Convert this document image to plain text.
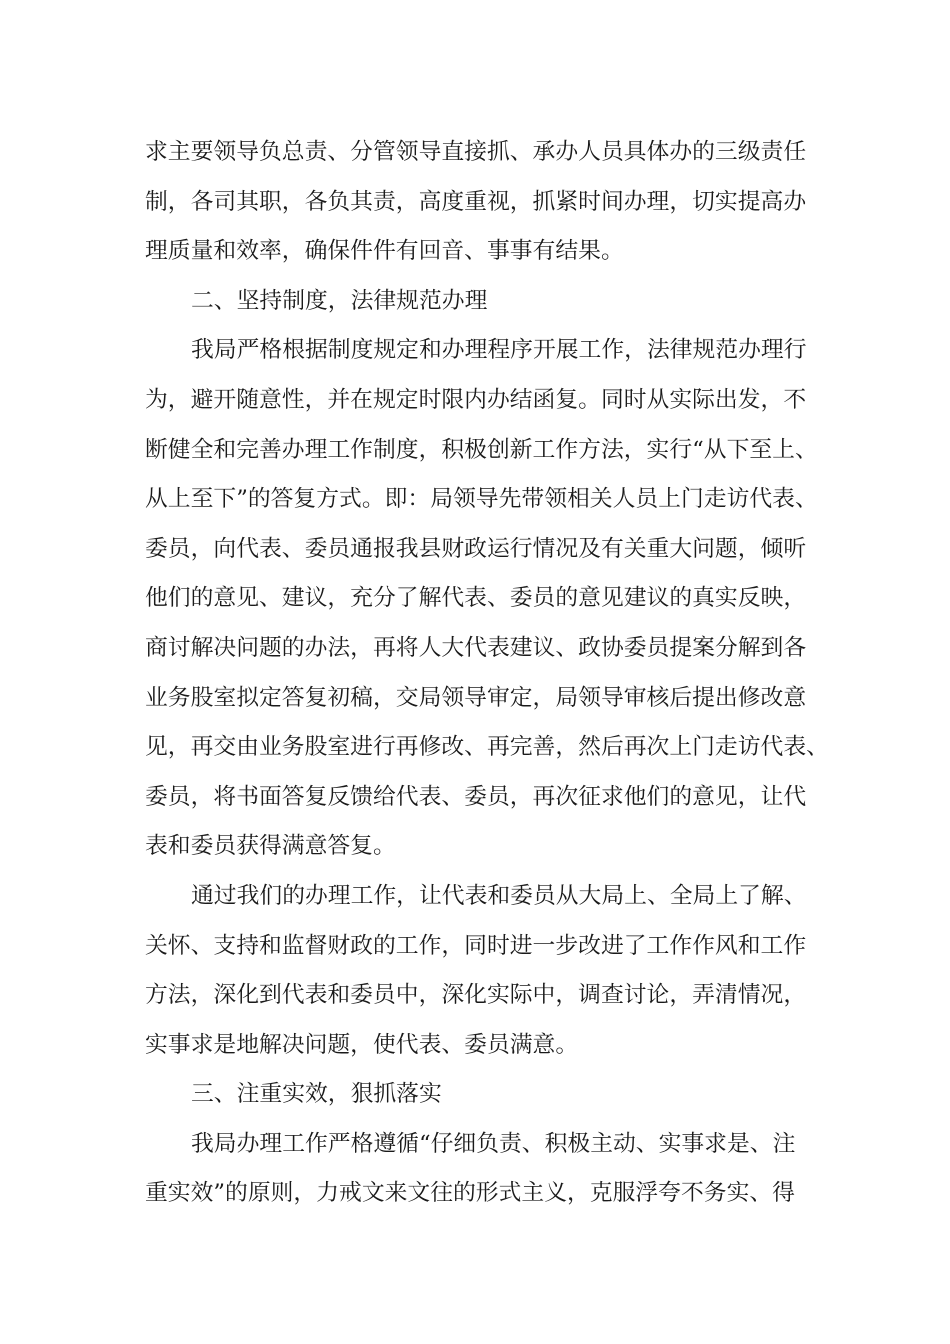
求主要领导负总责、分管领导直接抓、承办人员具体办的三级责任
制，各司其职，各负其责，高度重视，抓紧时间办理，切实提高办
理质量和效率，确保件件有回音、事事有结果。
二、坚持制度，法律规范办理
我局严格根据制度规定和办理程序开展工作，法律规范办理行
为，避开随意性，并在规定时限内办结函复。同时从实际出发，不
断健全和完善办理工作制度，积极创新工作方法，实行“从下至上、
从上至下”的答复方式。即：局领导先带领相关人员上门走访代表、
委员，向代表、委员通报我县财政运行情况及有关重大问题，倾听
他们的意见、建议，充分了解代表、委员的意见建议的真实反映，
商讨解决问题的办法，再将人大代表建议、政协委员提案分解到各
业务股室拟定答复初稿，交局领导审定，局领导审核后提出修改意
见，再交由业务股室进行再修改、再完善，然后再次上门走访代表、
委员，将书面答复反馈给代表、委员，再次征求他们的意见，让代
表和委员获得满意答复。
通过我们的办理工作，让代表和委员从大局上、全局上了解、
关怀、支持和监督财政的工作，同时进一步改进了工作作风和工作
方法，深化到代表和委员中，深化实际中，调查讨论，弄清情况，
实事求是地解决问题，使代表、委员满意。
三、注重实效，狠抓落实
我局办理工作严格遵循“仔细负责、积极主动、实事求是、注
重实效”的原则，力戒文来文往的形式主义，克服浮夸不务实、得
